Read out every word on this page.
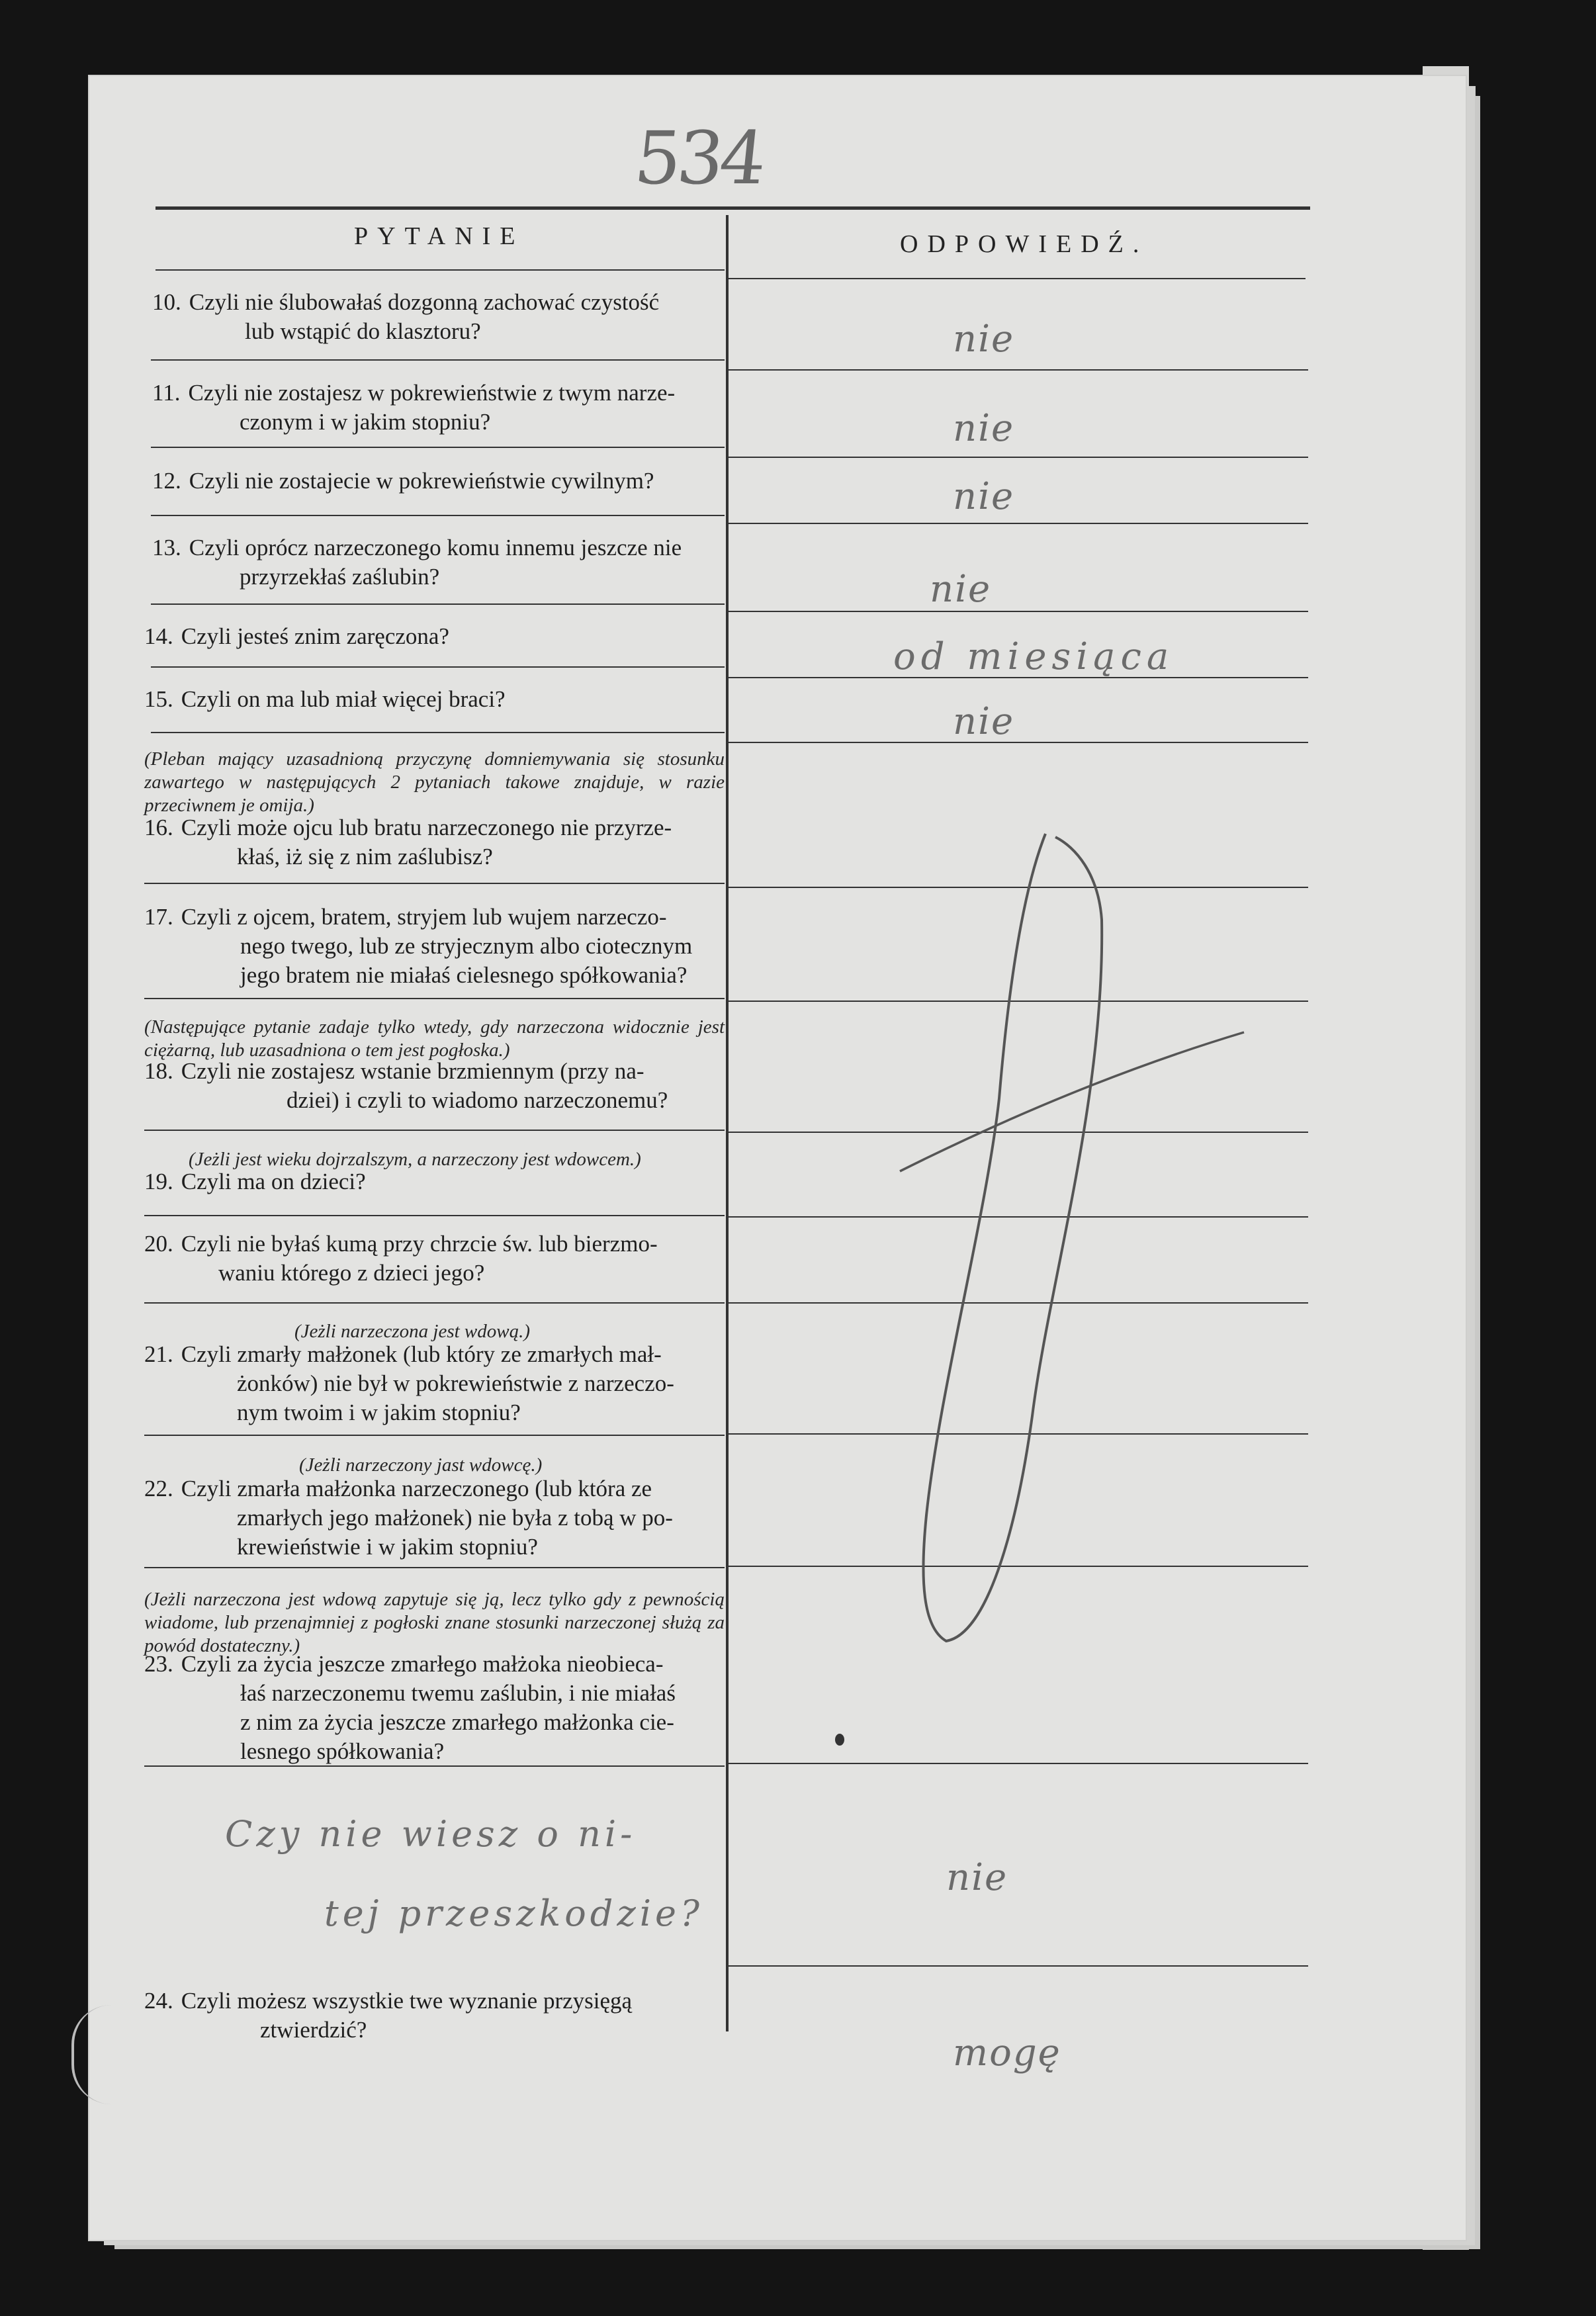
534
PYTANIE	ODPOWIEDŹ.
10. Czyli nie ślubowałaś dozgonną zachować czystość
lub wstąpić do klasztoru?
11. Czyli nie zostajesz w pokrewieństwie z twym narze-
czonym i w jakim stopniu?
12. Czyli nie zostajecie w pokrewieństwie cywilnym?
13. Czyli oprócz narzeczonego komu innemu jeszcze nie
przyrzekłaś zaślubin?
14. Czyli jesteś znim zaręczona?
15. Czyli on ma lub miał więcej braci?
(Pleban mający uzasadnioną przyczynę domniemywania się stosunku zawartego w następujących 2 pytaniach takowe znajduje, w razie przeciwnem je omija.)
16. Czyli może ojcu lub bratu narzeczonego nie przyrze-
kłaś, iż się z nim zaślubisz?
17. Czyli z ojcem, bratem, stryjem lub wujem narzeczo-
nego twego, lub ze stryjecznym albo ciotecznym
jego bratem nie miałaś cielesnego spółkowania?
(Następujące pytanie zadaje tylko wtedy, gdy narzeczona widocznie jest ciężarną, lub uzasadniona o tem jest pogłoska.)
18. Czyli nie zostajesz wstanie brzmiennym (przy na-
dziei) i czyli to wiadomo narzeczonemu?
(Jeżli jest wieku dojrzalszym, a narzeczony jest wdowcem.)
19. Czyli ma on dzieci?
20. Czyli nie byłaś kumą przy chrzcie św. lub bierzmo-
waniu którego z dzieci jego?
(Jeżli narzeczona jest wdową.)
21. Czyli zmarły małżonek (lub który ze zmarłych mał-
żonków) nie był w pokrewieństwie z narzeczo-
nym twoim i w jakim stopniu?
(Jeżli narzeczony jast wdowcę.)
22. Czyli zmarła małżonka narzeczonego (lub która ze
zmarłych jego małżonek) nie była z tobą w po-
krewieństwie i w jakim stopniu?
(Jeżli narzeczona jest wdową zapytuje się ją, lecz tylko gdy z pewnością wiadome, lub przenajmniej z pogłoski znane stosunki narzeczonej służą za powód dostateczny.)
23. Czyli za życia jeszcze zmarłego małżoka nieobieca-
łaś narzeczonemu twemu zaślubin, i nie miałaś
z nim za życia jeszcze zmarłego małżonka cie-
lesnego spółkowania?
24. Czyli możesz wszystkie twe wyznanie przysięgą
ztwierdzić?
nie
nie
nie
nie
od miesiąca
nie
Czy nie wiesz o ni-
tej przeszkodzie?
nie
mogę
